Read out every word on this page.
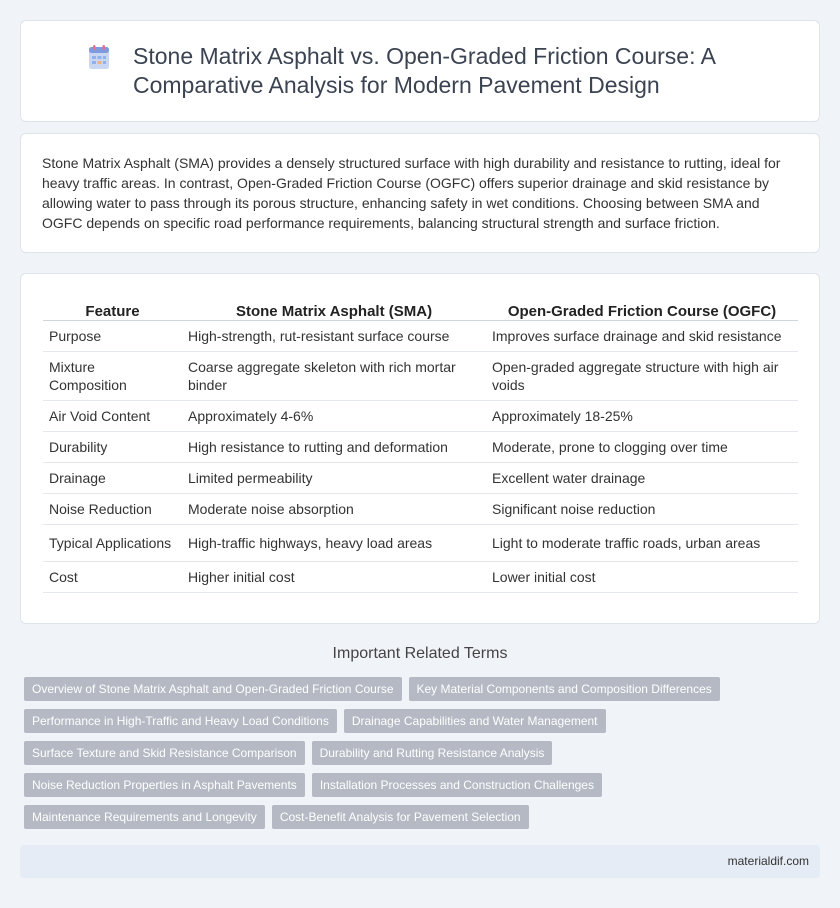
Stone Matrix Asphalt vs. Open-Graded Friction Course: A Comparative Analysis for Modern Pavement Design

Stone Matrix Asphalt (SMA) provides a densely structured surface with high durability and resistance to rutting, ideal for heavy traffic areas. In contrast, Open-Graded Friction Course (OGFC) offers superior drainage and skid resistance by allowing water to pass through its porous structure, enhancing safety in wet conditions. Choosing between SMA and OGFC depends on specific road performance requirements, balancing structural strength and surface friction.

Feature	Stone Matrix Asphalt (SMA)	Open-Graded Friction Course (OGFC)
Purpose	High-strength, rut-resistant surface course	Improves surface drainage and skid resistance
Mixture Composition	Coarse aggregate skeleton with rich mortar binder	Open-graded aggregate structure with high air voids
Air Void Content	Approximately 4-6%	Approximately 18-25%
Durability	High resistance to rutting and deformation	Moderate, prone to clogging over time
Drainage	Limited permeability	Excellent water drainage
Noise Reduction	Moderate noise absorption	Significant noise reduction
Typical Applications	High-traffic highways, heavy load areas	Light to moderate traffic roads, urban areas
Cost	Higher initial cost	Lower initial cost
Important Related Terms
Overview of Stone Matrix Asphalt and Open-Graded Friction Course	Key Material Components and Composition Differences
Performance in High-Traffic and Heavy Load Conditions	Drainage Capabilities and Water Management
Surface Texture and Skid Resistance Comparison	Durability and Rutting Resistance Analysis
Noise Reduction Properties in Asphalt Pavements	Installation Processes and Construction Challenges
Maintenance Requirements and Longevity	Cost-Benefit Analysis for Pavement Selection
materialdif.com
